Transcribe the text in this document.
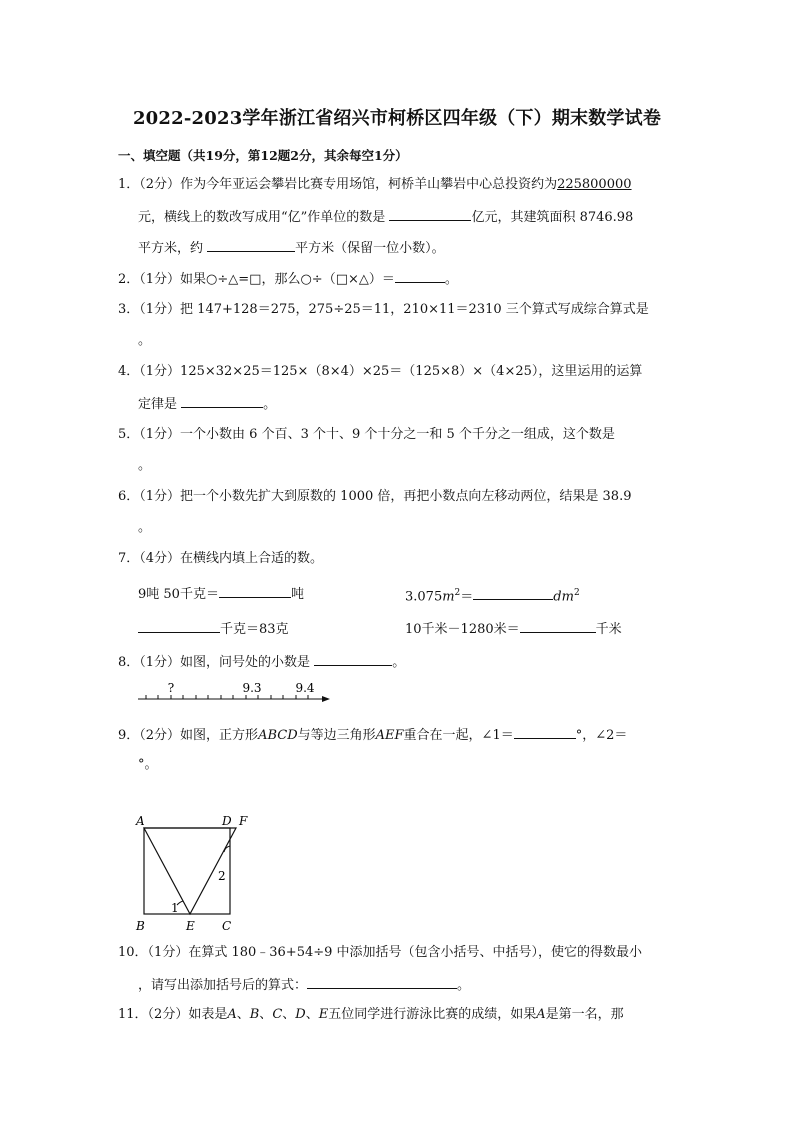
2022-2023学年浙江省绍兴市柯桥区四年级（下）期末数学试卷
一、填空题（共19分，第12题2分，其余每空1分）
1．（2分）作为今年亚运会攀岩比赛专用场馆，柯桥羊山攀岩中心总投资约为225800000
元，横线上的数改写成用“亿”作单位的数是	亿元，其建筑面积 8746.98
平方米，约	平方米（保留一位小数）。
2．（1分）如果○÷△=□，那么○÷（□×△）＝	。
3．（1分）把 147+128＝275，275÷25＝11，210×11＝2310 三个算式写成综合算式是
。
4．（1分）125×32×25＝125×（8×4）×25＝（125×8）×（4×25），这里运用的运算
定律是	。
5．（1分）一个小数由 6 个百、3 个十、9 个十分之一和 5 个千分之一组成，这个数是
。
6．（1分）把一个小数先扩大到原数的 1000 倍，再把小数点向左移动两位，结果是 38.9
。
7．（4分）在横线内填上合适的数。
9吨 50千克＝	吨	$3.075m^2=$	$dm^2$
千克＝83克	10千米－1280米＝	千米
8．（1分）如图，问号处的小数是	。
?	9.3	9.4
9．（2分）如图，正方形ABCD与等边三角形AEF重合在一起，∠1＝	°，∠2＝
°。
A	D F
B	E C
1
2
10．（1分）在算式 180﹣36+54÷9 中添加括号（包含小括号、中括号），使它的得数最小
，请写出添加括号后的算式：	。
11．（2分）如表是A、B、C、D、E五位同学进行游泳比赛的成绩，如果A是第一名，那
